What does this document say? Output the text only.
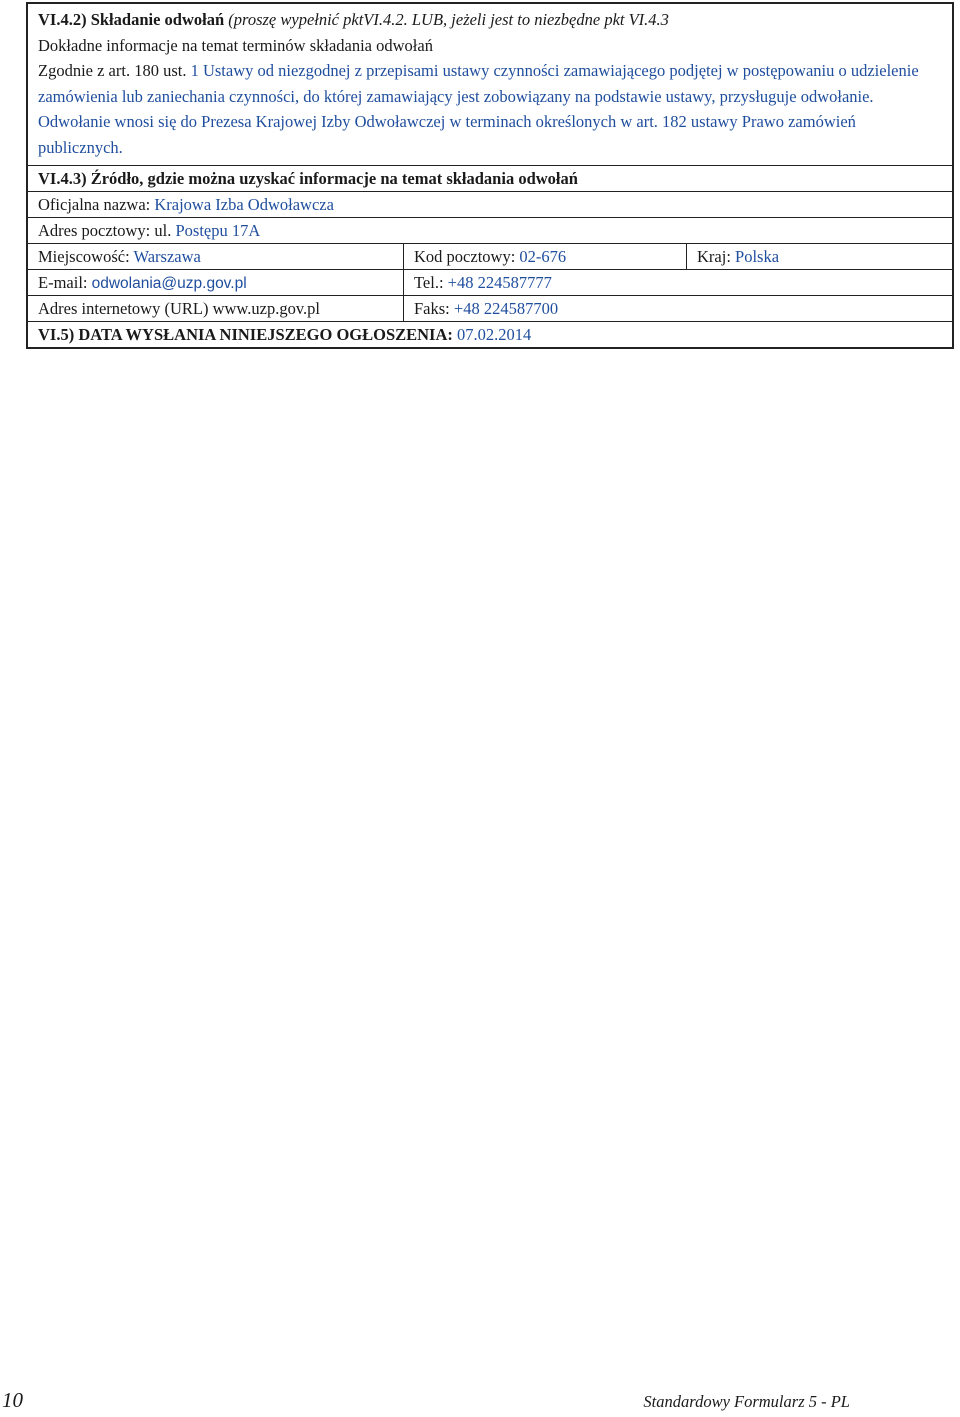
VI.4.2) Składanie odwołań (proszę wypełnić pktVI.4.2. LUB, jeżeli jest to niezbędne pkt VI.4.3
Dokładne informacje na temat terminów składania odwołań
Zgodnie z art. 180 ust. 1 Ustawy od niezgodnej z przepisami ustawy czynności zamawiającego podjętej w postępowaniu o udzielenie zamówienia lub zaniechania czynności, do której zamawiający jest zobowiązany na podstawie ustawy, przysługuje odwołanie. Odwołanie wnosi się do Prezesa Krajowej Izby Odwoławczej w terminach określonych w art. 182 ustawy Prawo zamówień publicznych.
VI.4.3) Źródło, gdzie można uzyskać informacje na temat składania odwołań
Oficjalna nazwa: Krajowa Izba Odwoławcza
Adres pocztowy: ul. Postępu 17A
Miejscowość: Warszawa	Kod pocztowy: 02-676	Kraj: Polska
E-mail: odwolania@uzp.gov.pl	Tel.: +48 224587777
Adres internetowy (URL) www.uzp.gov.pl	Faks: +48 224587700
VI.5) DATA WYSŁANIA NINIEJSZEGO OGŁOSZENIA: 07.02.2014
10	Standardowy Formularz 5 - PL
